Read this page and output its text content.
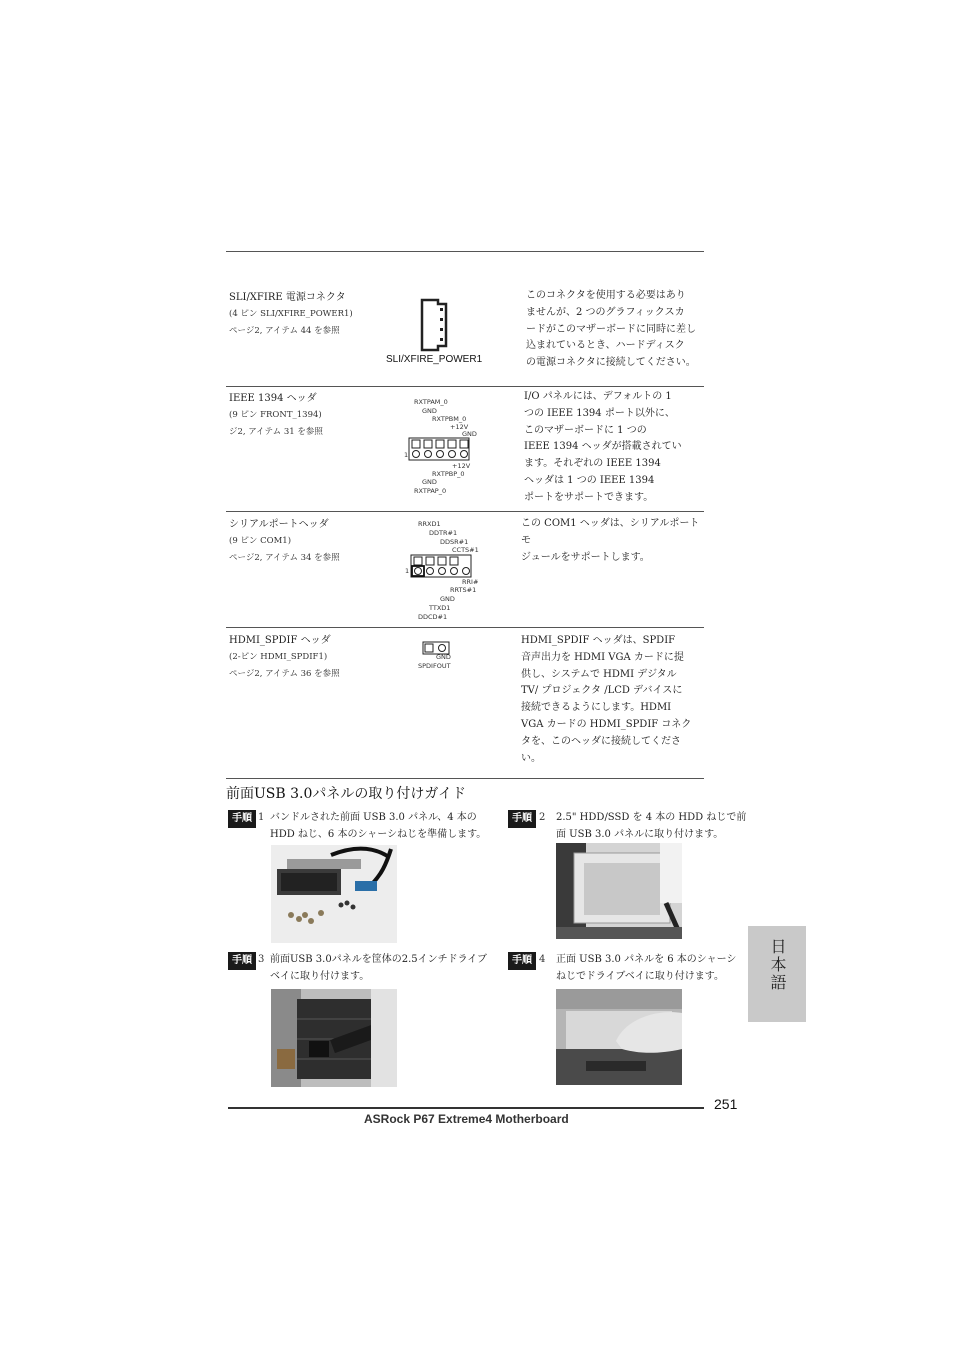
SLI/XFIRE 電源コネクタ
(4 ピン SLI/XFIRE_POWER1)
ページ2, アイテム 44 を参照
SLI/XFIRE_POWER1
このコネクタを使用する必要はあり
ませんが、2 つのグラフィックスカ
ードがこのマザーボードに同時に差し
込まれているとき、ハードディスク
の電源コネクタに接続してください。
IEEE 1394 ヘッダ
(9 ピン FRONT_1394)
ジ2, アイテム 31 を参照
RXTPAM_0
GND
RXTPBM_0
+12V
GND
1
+12V
RXTPBP_0
GND
RXTPAP_0
I/O パネルには、デフォルトの 1
つの IEEE 1394 ポート以外に、
このマザーボードに 1 つの
IEEE 1394 ヘッダが搭載されてい
ます。それぞれの IEEE 1394
ヘッダは 1 つの IEEE 1394
ポートをサポートできます。
シリアルポートヘッダ
(9 ピン COM1)
ページ2, アイテム 34 を参照
RRXD1
DDTR#1
DDSR#1
CCTS#1
1
RRI#
RRTS#1
GND
TTXD1
DDCD#1
この COM1 ヘッダは、シリアルポートモ
ジュールをサポートします。
HDMI_SPDIF ヘッダ
(2-ピン HDMI_SPDIF1)
ページ2, アイテム 36 を参照
GND
SPDIFOUT
HDMI_SPDIF ヘッダは、SPDIF
音声出力を HDMI VGA カードに提
供し、システムで HDMI デジタル
TV/ プロジェクタ /LCD デバイスに
接続できるようにします。HDMI
VGA カードの HDMI_SPDIF コネク
タを、このヘッダに接続してくださ
い。
前面USB 3.0パネルの取り付けガイド
手順 1 バンドルされた前面 USB 3.0 パネル、4 本の
HDD ねじ、6 本のシャーシねじを準備します。
手順 2 2.5" HDD/SSD を 4 本の HDD ねじで前
面 USB 3.0 パネルに取り付けます。
手順 3 前面USB 3.0パネルを筐体の2.5インチドライブ
ベイに取り付けます。
手順 4 正面 USB 3.0 パネルを 6 本のシャーシ
ねじでドライブベイに取り付けます。	日本語
251
ASRock P67 Extreme4 Motherboard
